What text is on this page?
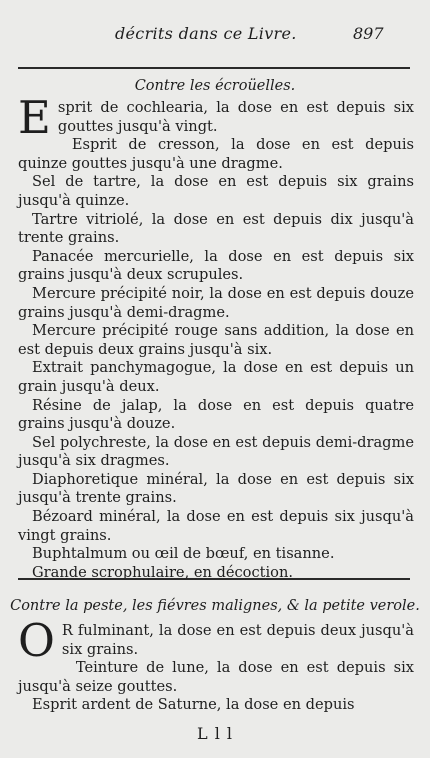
décrits dans ce Livre.	897
Contre les écroüelles.

Esprit de cochlearia, la dose en est depuis six gouttes jusqu'à vingt.

Esprit de cresson, la dose en est depuis quinze gouttes jusqu'à une dragme.

Sel de tartre, la dose en est depuis six grains jusqu'à quinze.

Tartre vitriolé, la dose en est depuis dix jusqu'à trente grains.

Panacée mercurielle, la dose en est depuis six grains jusqu'à deux scrupules.

Mercure précipité noir, la dose en est depuis douze grains jusqu'à demi-dragme.

Mercure précipité rouge sans addition, la dose en est depuis deux grains jusqu'à six.

Extrait panchymagogue, la dose en est depuis un grain jusqu'à deux.

Résine de jalap, la dose en est depuis quatre grains jusqu'à douze.

Sel polychreste, la dose en est depuis demi-dragme jusqu'à six dragmes.

Diaphoretique minéral, la dose en est depuis six jusqu'à trente grains.

Bézoard minéral, la dose en est depuis six jusqu'à vingt grains.

Buphtalmum ou œil de bœuf, en tisanne.

Grande scrophulaire, en décoction.

Contre la peste, les fiévres malignes, & la petite verole.

O R fulminant, la dose en est depuis deux jusqu'à six grains.

Teinture de lune, la dose en est depuis six jusqu'à seize gouttes.

Esprit ardent de Saturne, la dose en depuis

L l l
